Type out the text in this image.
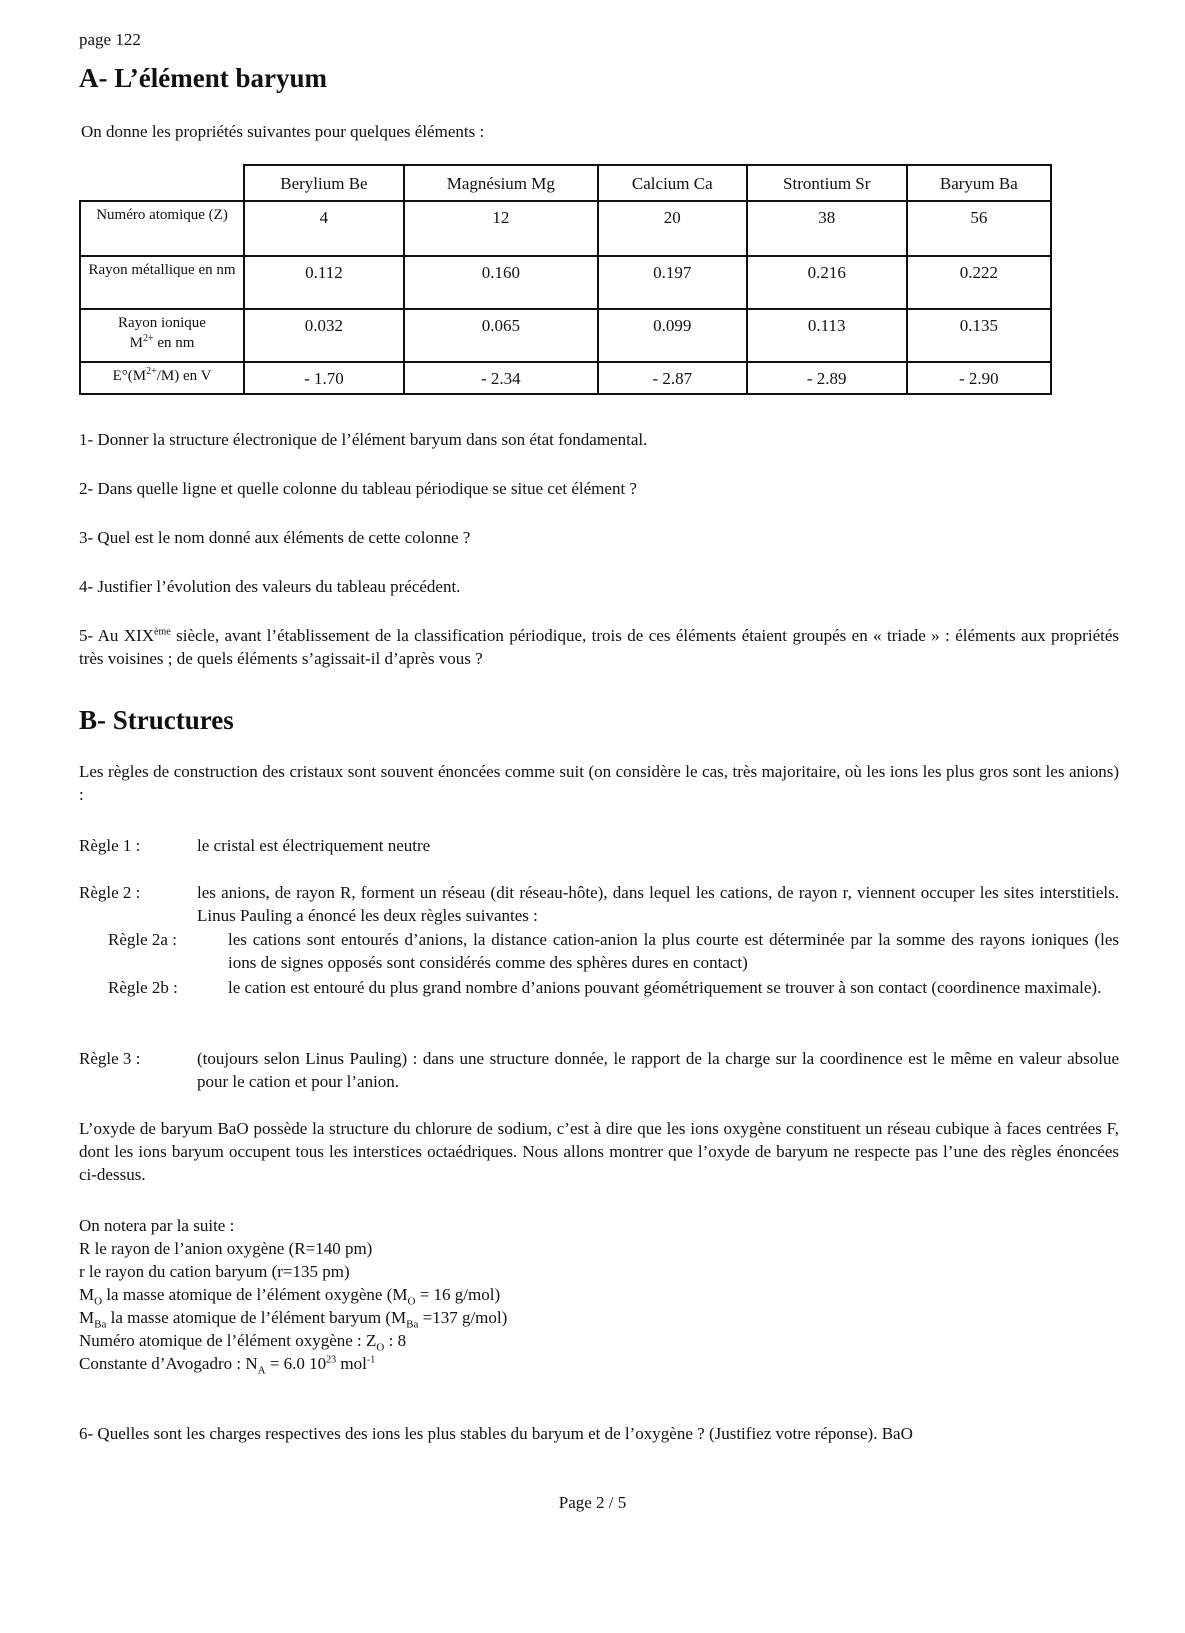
page 122
A- L’élément baryum
On donne les propriétés suivantes pour quelques éléments :
	Berylium Be	Magnésium Mg	Calcium Ca	Strontium Sr	Baryum Ba
Numéro atomique (Z)	4	12	20	38	56
Rayon métallique en nm	0.112	0.160	0.197	0.216	0.222
Rayon ionique
$M^{2+}$ en nm	0.032	0.065	0.099	0.113	0.135
$E^\circ(M^{2+}/M)$ en V	- 1.70	- 2.34	- 2.87	- 2.89	- 2.90
1- Donner la structure électronique de l’élément baryum dans son état fondamental.
2- Dans quelle ligne et quelle colonne du tableau périodique se situe cet élément ?
3- Quel est le nom donné aux éléments de cette colonne ?
4- Justifier l’évolution des valeurs du tableau précédent.
5- Au XIXème siècle, avant l’établissement de la classification périodique, trois de ces éléments étaient groupés en « triade » : éléments aux propriétés très voisines ; de quels éléments s’agissait-il d’après vous ?
B- Structures
Les règles de construction des cristaux sont souvent énoncées comme suit (on considère le cas, très majoritaire, où les ions les plus gros sont les anions) :
Règle 1 :	le cristal est électriquement neutre
Règle 2 :	les anions, de rayon R, forment un réseau (dit réseau-hôte), dans lequel les cations, de rayon r, viennent occuper les sites interstitiels. Linus Pauling a énoncé les deux règles suivantes :
Règle 2a :	les cations sont entourés d’anions, la distance cation-anion la plus courte est déterminée par la somme des rayons ioniques (les ions de signes opposés sont considérés comme des sphères dures en contact)
Règle 2b :	le cation est entouré du plus grand nombre d’anions pouvant géométriquement se trouver à son contact (coordinence maximale).
Règle 3 :	(toujours selon Linus Pauling) : dans une structure donnée, le rapport de la charge sur la coordinence est le même en valeur absolue pour le cation et pour l’anion.
L’oxyde de baryum BaO possède la structure du chlorure de sodium, c’est à dire que les ions oxygène constituent un réseau cubique à faces centrées F, dont les ions baryum occupent tous les interstices octaédriques. Nous allons montrer que l’oxyde de baryum ne respecte pas l’une des règles énoncées ci-dessus.
On notera par la suite :
R le rayon de l’anion oxygène (R=140 pm)
r le rayon du cation baryum (r=135 pm)
$M_O$ la masse atomique de l’élément oxygène ($M_O = 16$ g/mol)
$M_{Ba}$ la masse atomique de l’élément baryum ($M_{Ba} =137$ g/mol)
Numéro atomique de l’élément oxygène : $Z_O$ : 8
Constante d’Avogadro : $N_A = 6.0$ $10^{23}$ mol$^{-1}$
6- Quelles sont les charges respectives des ions les plus stables du baryum et de l’oxygène ? (Justifiez votre réponse). BaO
Page 2 / 5
